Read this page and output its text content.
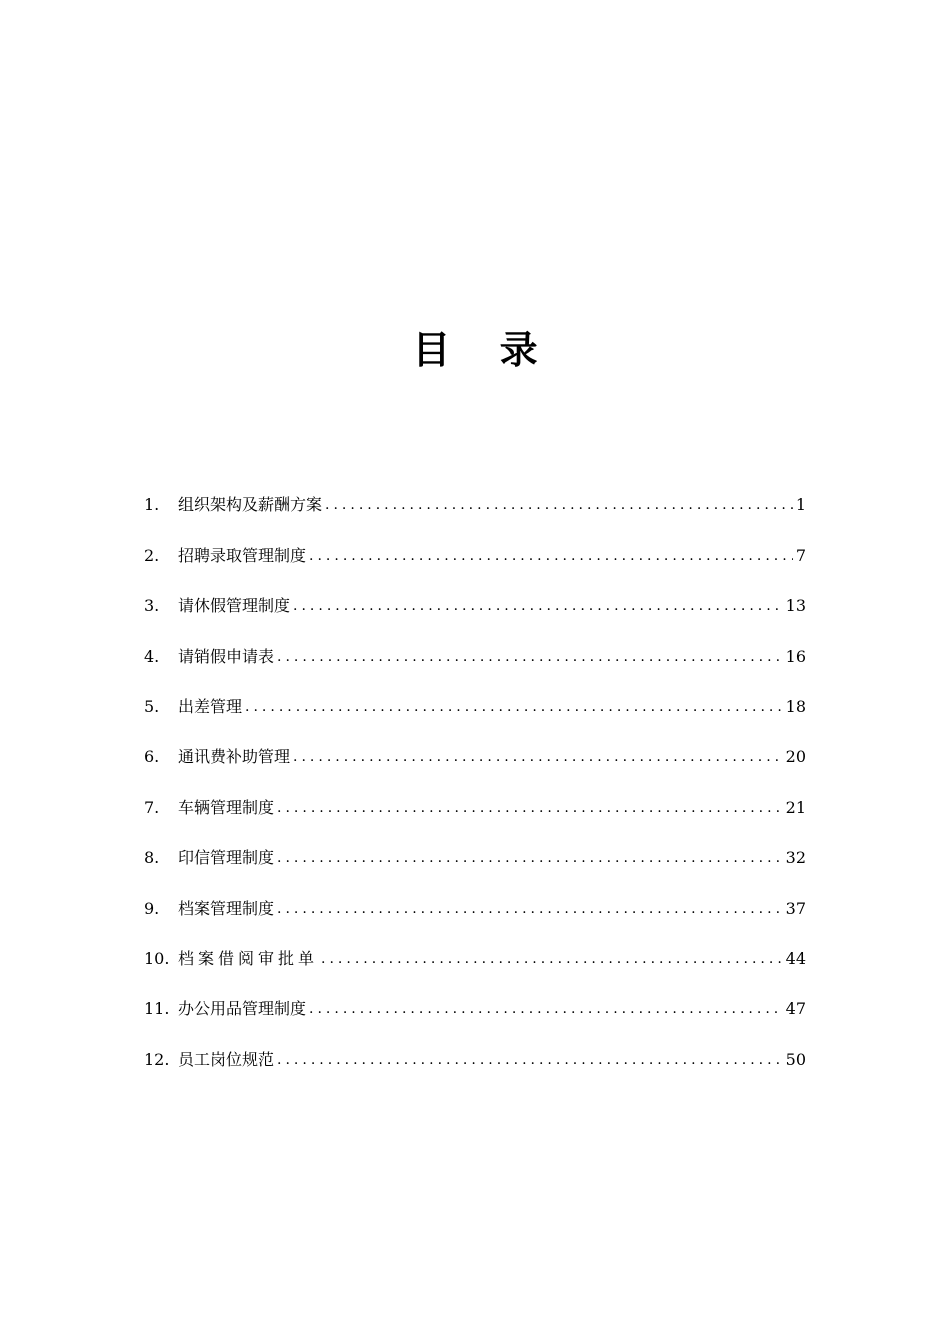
目 录
1.	组织架构及薪酬方案 .....	1
2.	招聘录取管理制度 .....	7
3.	请休假管理制度 .....	13
4.	请销假申请表 .....	16
5.	出差管理 .....	18
6.	通讯费补助管理 .....	20
7.	车辆管理制度 .....	21
8.	印信管理制度 .....	32
9.	档案管理制度 .....	37
10. 档案借阅审批单 .....	44
11. 办公用品管理制度 .....	47
12. 员工岗位规范 .....	50
